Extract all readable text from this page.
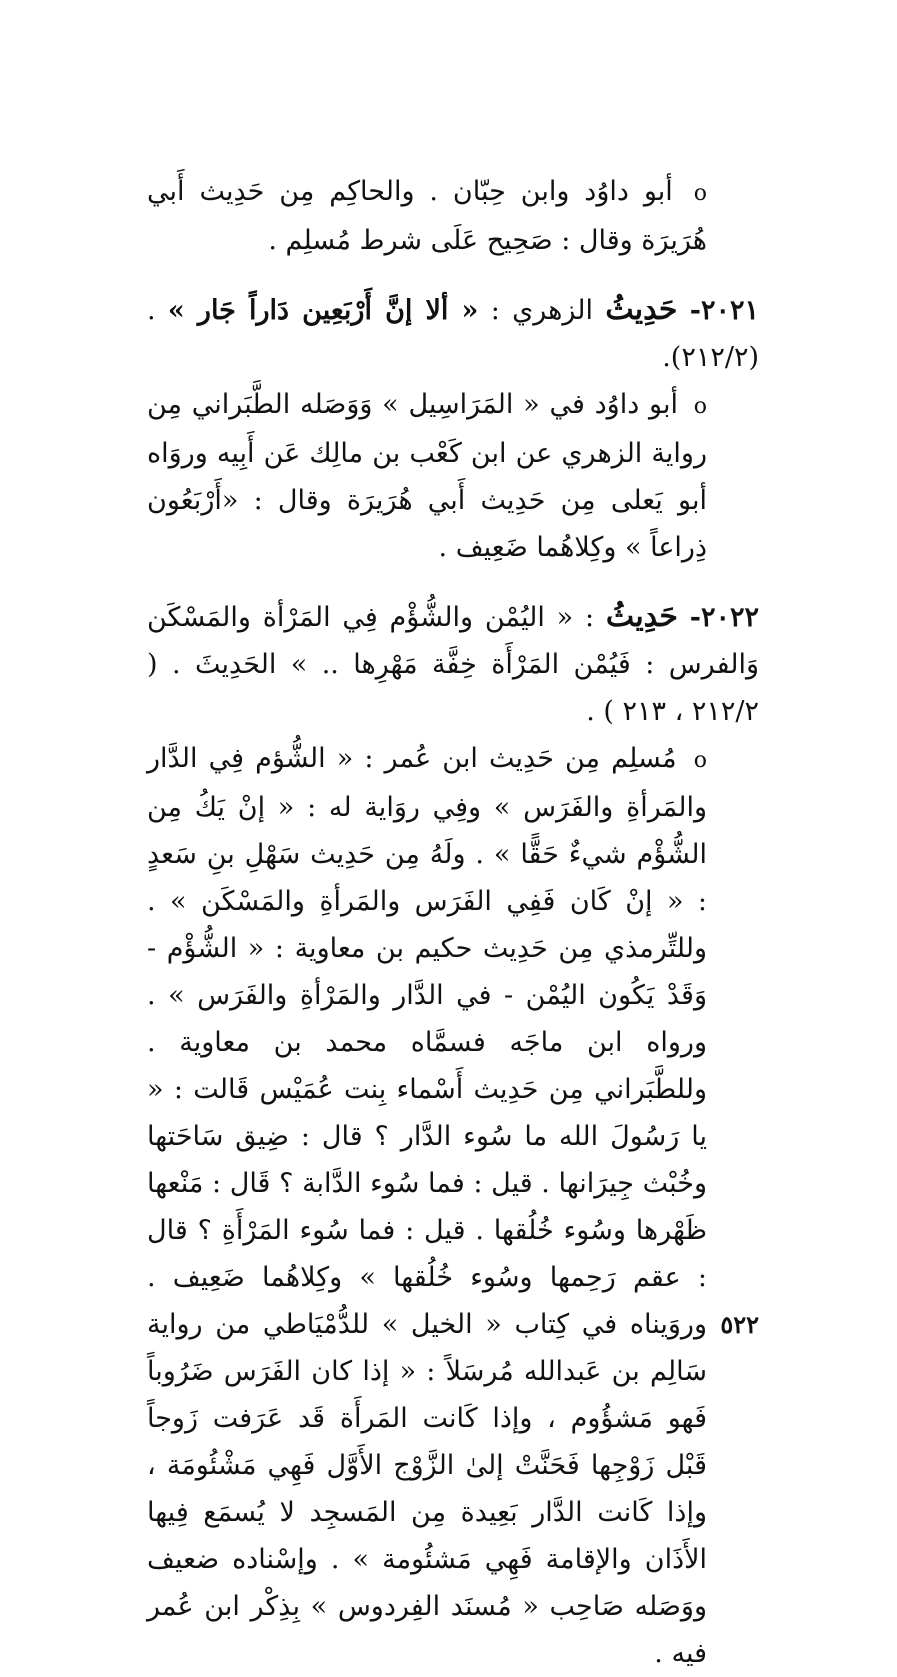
o أبو داوُد وابن حِبّان . والحاكِم مِن حَدِيث أَبي هُرَيرَة وقال : صَحِيح عَلَى شرط مُسلِم .

٢٠٢١- حَدِيثُ الزهري : « ألا إنَّ أَرْبَعِين دَاراً جَار » . (٢١٢/٢).

o أبو داوُد في « المَرَاسِيل » وَوَصَله الطَّبَراني مِن رواية الزهري عن ابن كَعْب بن مالِك عَن أَبِيه وروَاه أبو يَعلى مِن حَدِيث أَبي هُرَيرَة وقال : «أَرْبَعُون ذِراعاً » وكِلاهُما ضَعِيف .

٢٠٢٢- حَدِيثُ : « اليُمْن والشُّؤْم فِي المَرْأة والمَسْكَن وَالفرس : فَيُمْن المَرْأَة خِفَّة مَهْرِها .. » الحَدِيثَ . ( ٢١٢/٢ ، ٢١٣ ) .

o مُسلِم مِن حَدِيث ابن عُمر : « الشُّؤم فِي الدَّار والمَرأةِ والفَرَس » وفِي روَاية له : « إنْ يَكُ مِن الشُّؤْم شيءٌ حَقًّا » . ولَهُ مِن حَدِيث سَهْلِ بنِ سَعدٍ : « إنْ كَان فَفِي الفَرَس والمَرأةِ والمَسْكَن » . وللتِّرمذي مِن حَدِيث حكيم بن معاوية : « الشُّؤْم - وَقَدْ يَكُون اليُمْن - في الدَّار والمَرْأةِ والفَرَس » . ورواه ابن ماجَه فسمَّاه محمد بن معاوية . وللطَّبَراني مِن حَدِيث أَسْماء بِنت عُمَيْس قَالت : « يا رَسُولَ الله ما سُوء الدَّار ؟ قال : ضِيق سَاحَتها وخُبْث جِيرَانها . قيل : فما سُوء الدَّابة ؟ قَال : مَنْعها ظَهْرها وسُوء خُلُقها . قيل : فما سُوء المَرْأَةِ ؟ قال : عقم رَحِمها وسُوء خُلُقها » وكِلاهُما ضَعِيف . وروَيناه في كِتاب « الخيل » للدُّمْيَاطي من رواية سَالِم بن عَبدالله مُرسَلاً : « إذا كان الفَرَس ضَرُوباً فَهو مَشؤُوم ، وإذا كَانت المَرأَة قَد عَرَفت زَوجاً قَبْل زَوْجِها فَحَنَّتْ إلىٰ الزَّوْج الأَوَّل فَهِي مَشْئُومَة ، وإذا كَانت الدَّار بَعِيدة مِن المَسجِد لا يُسمَع فِيها الأَذَان والإقامة فَهِي مَشئُومة » . وإسْناده ضعيف ووَصَله صَاحِب « مُسنَد الفِردوس » بِذِكْر ابن عُمر فيه .

٥٢٢
